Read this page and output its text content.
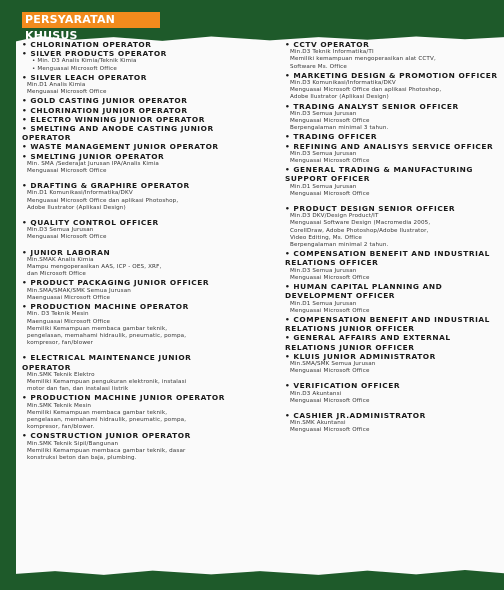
PERSYARATAN KHUSUS
• CHLORINATION OPERATOR
• SILVER PRODUCTS OPERATOR
• Min. D3 Analis Kimia/Teknik Kimia
• Menguasai Microsoft Office
• SILVER LEACH OPERATOR
Min.D1 Analis Kimia
Menguasai Microsoft Office
• GOLD CASTING JUNIOR OPERATOR
• CHLORINATION JUNIOR OPERATOR
• ELECTRO WINNING JUNIOR OPERATOR
• SMELTING AND ANODE CASTING JUNIOR
OPERATOR
• WASTE MANAGEMENT JUNIOR OPERATOR
• SMELTING JUNIOR OPERATOR
Min. SMA /Sederajat Jurusan IPA/Analis Kimia
Menguasai Microsoft Office
• DRAFTING & GRAPHIRE OPERATOR
Min.D1 Komunikasi/Informatika/DKV
Menguasai Microsoft Office dan aplikasi Photoshop,
Adobe Ilustrator (Aplikasi Design)
• QUALITY CONTROL OFFICER
Min.D3 Semua Jurusan
Menguasai Microsoft Office
• JUNIOR LABORAN
Min.SMAK Analis Kimia
Mampu mengoperasikan AAS, ICP - OES, XRF,
dan Microsoft Office
• PRODUCT PACKAGING JUNIOR OFFICER
Min.SMA/SMAK/SMK Semua Jurusan
Maenguasai Microsoft Office
• PRODUCTION MACHINE OPERATOR
Min. D3 Teknik Mesin
Maenguasai Microsoft Office
Memiliki Kemampuan membaca gambar teknik,
pengelasan, memahami hidraulik, pneumatic, pompa,
kompresor, fan/blower
• ELECTRICAL MAINTENANCE JUNIOR
OPERATOR
Min.SMK Teknik Elektro
Memiliki Kemampuan pengukuran elektronik, instalasi
motor dan fan, dan instalasi listrik
• PRODUCTION MACHINE JUNIOR OPERATOR
Min.SMK Teknik Mesin
Memiliki Kemampuan membaca gambar teknik,
pengelasan, memahami hidraulik, pneumatic, pompa,
kompresor, fan/blower.
• CONSTRUCTION JUNIOR OPERATOR
Min.SMK Teknik Sipil/Bangunan
Memiliki Kemampuan membaca gambar teknik, dasar
konstruksi beton dan baja, plumbing.
• CCTV OPERATOR
Min.D3 Teknik Informatika/TI
Memiliki kemampuan mengoperasikan alat CCTV,
Software Ms. Office
• MARKETING DESIGN & PROMOTION OFFICER
Min.D3 Komunikasi/Informatika/DKV
Menguasai Microsoft Office dan aplikasi Photoshop,
Adobe Ilustrator (Aplikasi Design)
• TRADING ANALYST SENIOR OFFICER
Min.D3 Semua Jurusan
Menguasai Microsoft Office
Berpengalaman minimal 3 tahun.
• TRADING OFFICER
• REFINING AND ANALISYS SERVICE OFFICER
Min.D3 Semua Jurusan
Menguasai Microsoft Office
• GENERAL TRADING & MANUFACTURING
SUPPORT OFFICER
Min.D1 Semua Jurusan
Menguasai Microsoft Office
• PRODUCT DESIGN SENIOR OFFICER
Min.D3 DKV/Design Product/IT
Menguasai Software Design (Macromedia 2005,
CorellDraw, Adobe Photoshop/Adobe Ilustrator,
Video Editing, Ms. Office
Berpengalaman minimal 2 tahun.
• COMPENSATION BENEFIT AND INDUSTRIAL
RELATIONS OFFICER
Min.D3 Semua Jurusan
Menguasai Microsoft Office
• HUMAN CAPITAL PLANNING AND
DEVELOPMENT OFFICER
Min.D1 Semua Jurusan
Menguasai Microsoft Office
• COMPENSATION BENEFIT AND INDUSTRIAL
RELATIONS JUNIOR OFFICER
• GENERAL AFFAIRS AND EXTERNAL
RELATIONS JUNIOR OFFICER
• KLUIS JUNIOR ADMINISTRATOR
Min.SMA/SMK Semua Jurusan
Menguasai Microsoft Office
• VERIFICATION OFFICER
Min.D3 Akuntansi
Menguasai Microsoft Office
• CASHIER JR.ADMINISTRATOR
Min.SMK Akuntansi
Menguasai Microsoft Office
